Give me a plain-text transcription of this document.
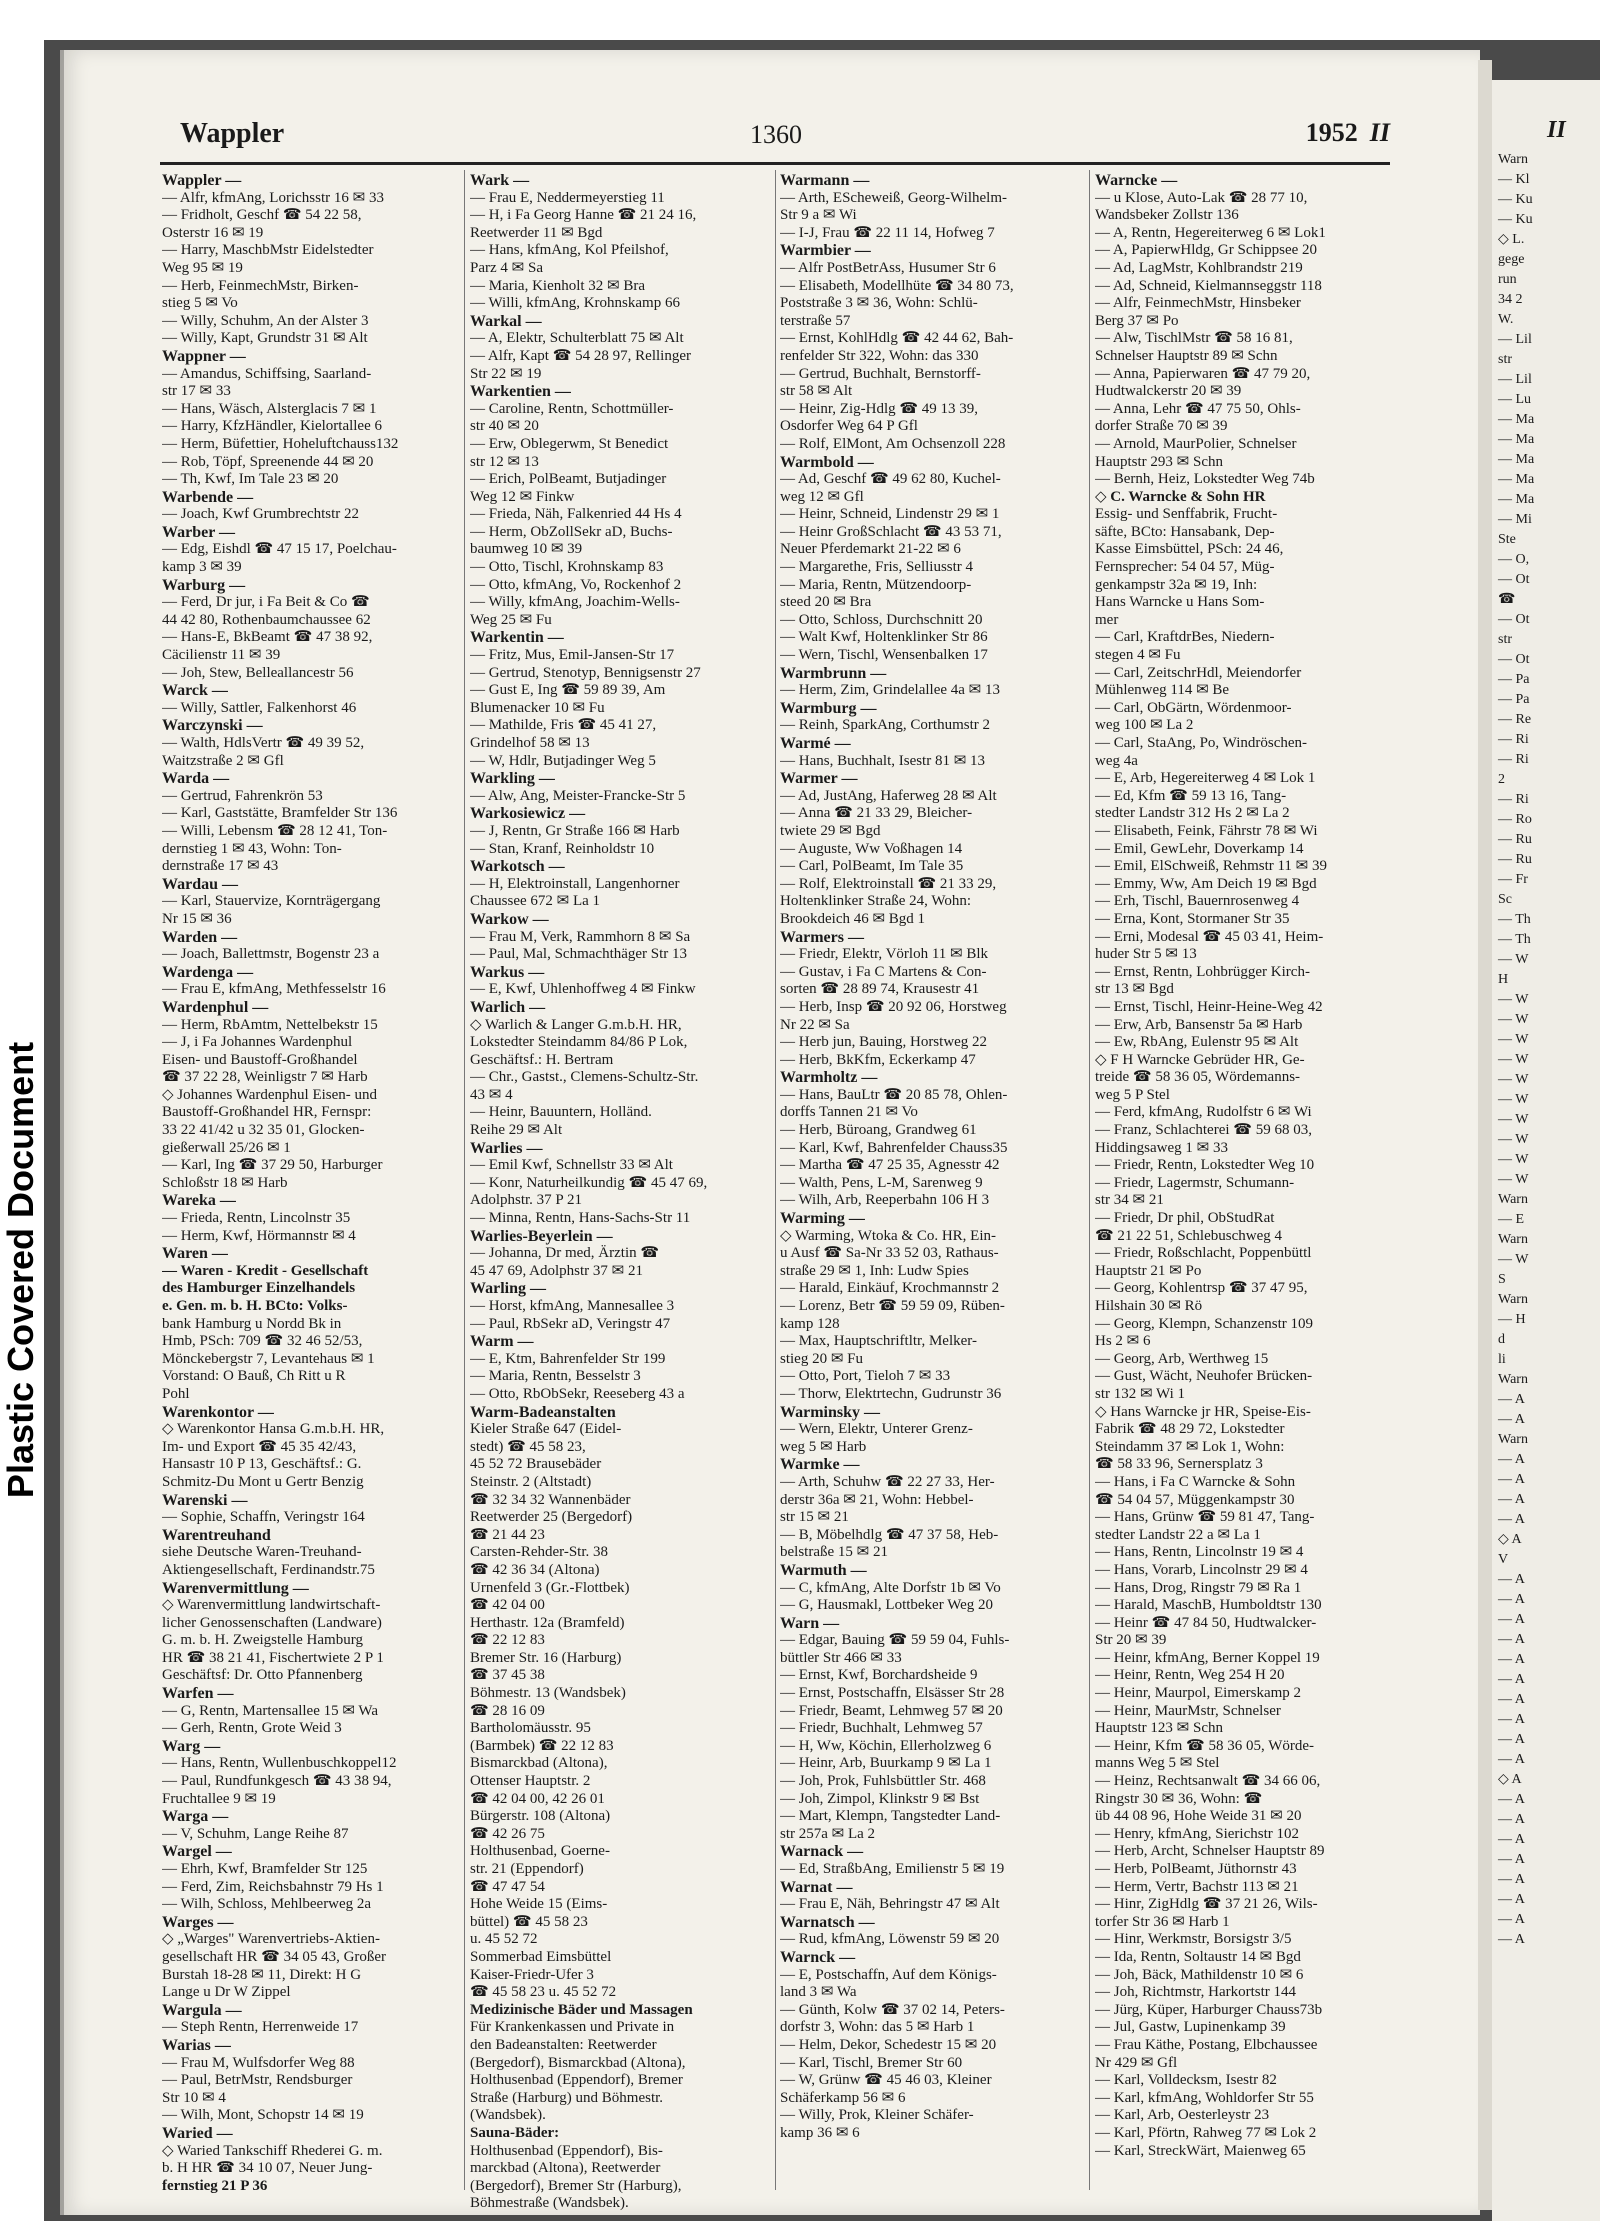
Plastic Covered Document
II
Warn
— Kl
— Ku
— Ku
◇ L.
gege
run
34 2
W.
— Lil
str
— Lil
— Lu
— Ma
— Ma
— Ma
— Ma
— Ma
— Mi
Ste
— O,
— Ot
☎
— Ot
str
— Ot
— Pa
— Pa
— Re
— Ri
— Ri
2
— Ri
— Ro
— Ru
— Ru
— Fr
Sc
— Th
— Th
— W
H
— W
— W
— W
— W
— W
— W
— W
— W
— W
— W
Warn
— E
Warn
— W
S
Warn
— H
d
li
Warn
— A
— A
Warn
— A
— A
— A
— A
◇ A
V
— A
— A
— A
— A
— A
— A
— A
— A
— A
— A
◇ A
— A
— A
— A
— A
— A
— A
— A
— A
Wappler	1360	1952 II
Wappler —
— Alfr, kfmAng, Lorichsstr 16 ✉ 33
— Fridholt, Geschf ☎ 54 22 58,
Osterstr 16 ✉ 19
— Harry, MaschbMstr Eidelstedter
Weg 95 ✉ 19
— Herb, FeinmechMstr, Birken-
stieg 5 ✉ Vo
— Willy, Schuhm, An der Alster 3
— Willy, Kapt, Grundstr 31 ✉ Alt
Wappner —
— Amandus, Schiffsing, Saarland-
str 17 ✉ 33
— Hans, Wäsch, Alsterglacis 7 ✉ 1
— Harry, KfzHändler, Kielortallee 6
— Herm, Büfettier, Hoheluftchauss132
— Rob, Töpf, Spreenende 44 ✉ 20
— Th, Kwf, Im Tale 23 ✉ 20
Warbende —
— Joach, Kwf Grumbrechtstr 22
Warber —
— Edg, Eishdl ☎ 47 15 17, Poelchau-
kamp 3 ✉ 39
Warburg —
— Ferd, Dr jur, i Fa Beit & Co ☎
44 42 80, Rothenbaumchaussee 62
— Hans-E, BkBeamt ☎ 47 38 92,
Cäcilienstr 11 ✉ 39
— Joh, Stew, Belleallancestr 56
Warck —
— Willy, Sattler, Falkenhorst 46
Warczynski —
— Walth, HdlsVertr ☎ 49 39 52,
Waitzstraße 2 ✉ Gfl
Warda —
— Gertrud, Fahrenkrön 53
— Karl, Gaststätte, Bramfelder Str 136
— Willi, Lebensm ☎ 28 12 41, Ton-
dernstieg 1 ✉ 43, Wohn: Ton-
dernstraße 17 ✉ 43
Wardau —
— Karl, Stauervize, Kornträgergang
Nr 15 ✉ 36
Warden —
— Joach, Ballettmstr, Bogenstr 23 a
Wardenga —
— Frau E, kfmAng, Methfesselstr 16
Wardenphul —
— Herm, RbAmtm, Nettelbekstr 15
— J, i Fa Johannes Wardenphul
Eisen- und Baustoff-Großhandel
☎ 37 22 28, Weinligstr 7 ✉ Harb
◇ Johannes Wardenphul Eisen- und
Baustoff-Großhandel HR, Fernspr:
33 22 41/42 u 32 35 01, Glocken-
gießerwall 25/26 ✉ 1
— Karl, Ing ☎ 37 29 50, Harburger
Schloßstr 18 ✉ Harb
Wareka —
— Frieda, Rentn, Lincolnstr 35
— Herm, Kwf, Hörmannstr ✉ 4
Waren —
— Waren - Kredit - Gesellschaft
des Hamburger Einzelhandels
e. Gen. m. b. H. BCto: Volks-
bank Hamburg u Nordd Bk in
Hmb, PSch: 709 ☎ 32 46 52/53,
Mönckebergstr 7, Levantehaus ✉ 1
Vorstand: O Bauß, Ch Ritt u R
Pohl
Warenkontor —
◇ Warenkontor Hansa G.m.b.H. HR,
Im- und Export ☎ 45 35 42/43,
Hansastr 10 P 13, Geschäftsf.: G.
Schmitz-Du Mont u Gertr Benzig
Warenski —
— Sophie, Schaffn, Veringstr 164
Warentreuhand
siehe Deutsche Waren-Treuhand-
Aktiengesellschaft, Ferdinandstr.75
Warenvermittlung —
◇ Warenvermittlung landwirtschaft-
licher Genossenschaften (Landware)
G. m. b. H. Zweigstelle Hamburg
HR ☎ 38 21 41, Fischertwiete 2 P 1
Geschäftsf: Dr. Otto Pfannenberg
Warfen —
— G, Rentn, Martensallee 15 ✉ Wa
— Gerh, Rentn, Grote Weid 3
Warg —
— Hans, Rentn, Wullenbuschkoppel12
— Paul, Rundfunkgesch ☎ 43 38 94,
Fruchtallee 9 ✉ 19
Warga —
— V, Schuhm, Lange Reihe 87
Wargel —
— Ehrh, Kwf, Bramfelder Str 125
— Ferd, Zim, Reichsbahnstr 79 Hs 1
— Wilh, Schloss, Mehlbeerweg 2a
Warges —
◇ „Warges" Warenvertriebs-Aktien-
gesellschaft HR ☎ 34 05 43, Großer
Burstah 18-28 ✉ 11, Direkt: H G
Lange u Dr W Zippel
Wargula —
— Steph Rentn, Herrenweide 17
Warias —
— Frau M, Wulfsdorfer Weg 88
— Paul, BetrMstr, Rendsburger
Str 10 ✉ 4
— Wilh, Mont, Schopstr 14 ✉ 19
Waried —
◇ Waried Tankschiff Rhederei G. m.
b. H HR ☎ 34 10 07, Neuer Jung-
fernstieg 21 P 36
Wark —
— Frau E, Neddermeyerstieg 11
— H, i Fa Georg Hanne ☎ 21 24 16,
Reetwerder 11 ✉ Bgd
— Hans, kfmAng, Kol Pfeilshof,
Parz 4 ✉ Sa
— Maria, Kienholt 32 ✉ Bra
— Willi, kfmAng, Krohnskamp 66
Warkal —
— A, Elektr, Schulterblatt 75 ✉ Alt
— Alfr, Kapt ☎ 54 28 97, Rellinger
Str 22 ✉ 19
Warkentien —
— Caroline, Rentn, Schottmüller-
str 40 ✉ 20
— Erw, Oblegerwm, St Benedict
str 12 ✉ 13
— Erich, PolBeamt, Butjadinger
Weg 12 ✉ Finkw
— Frieda, Näh, Falkenried 44 Hs 4
— Herm, ObZollSekr aD, Buchs-
baumweg 10 ✉ 39
— Otto, Tischl, Krohnskamp 83
— Otto, kfmAng, Vo, Rockenhof 2
— Willy, kfmAng, Joachim-Wells-
Weg 25 ✉ Fu
Warkentin —
— Fritz, Mus, Emil-Jansen-Str 17
— Gertrud, Stenotyp, Bennigsenstr 27
— Gust E, Ing ☎ 59 89 39, Am
Blumenacker 10 ✉ Fu
— Mathilde, Fris ☎ 45 41 27,
Grindelhof 58 ✉ 13
— W, Hdlr, Butjadinger Weg 5
Warkling —
— Alw, Ang, Meister-Francke-Str 5
Warkosiewicz —
— J, Rentn, Gr Straße 166 ✉ Harb
— Stan, Kranf, Reinholdstr 10
Warkotsch —
— H, Elektroinstall, Langenhorner
Chaussee 672 ✉ La 1
Warkow —
— Frau M, Verk, Rammhorn 8 ✉ Sa
— Paul, Mal, Schmachthäger Str 13
Warkus —
— E, Kwf, Uhlenhoffweg 4 ✉ Finkw
Warlich —
◇ Warlich & Langer G.m.b.H. HR,
Lokstedter Steindamm 84/86 P Lok,
Geschäftsf.: H. Bertram
— Chr., Gastst., Clemens-Schultz-Str.
43 ✉ 4
— Heinr, Bauuntern, Holländ.
Reihe 29 ✉ Alt
Warlies —
— Emil Kwf, Schnellstr 33 ✉ Alt
— Konr, Naturheilkundig ☎ 45 47 69,
Adolphstr. 37 P 21
— Minna, Rentn, Hans-Sachs-Str 11
Warlies-Beyerlein —
— Johanna, Dr med, Ärztin ☎
45 47 69, Adolphstr 37 ✉ 21
Warling —
— Horst, kfmAng, Mannesallee 3
— Paul, RbSekr aD, Veringstr 47
Warm —
— E, Ktm, Bahrenfelder Str 199
— Maria, Rentn, Besselstr 3
— Otto, RbObSekr, Reeseberg 43 a
Warm-Badeanstalten
Kieler Straße 647 (Eidel-
stedt) ☎ 45 58 23,
45 52 72 Brausebäder
Steinstr. 2 (Altstadt)
☎ 32 34 32 Wannenbäder
Reetwerder 25 (Bergedorf)
☎ 21 44 23
Carsten-Rehder-Str. 38
☎ 42 36 34 (Altona)
Urnenfeld 3 (Gr.-Flottbek)
☎ 42 04 00
Herthastr. 12a (Bramfeld)
☎ 22 12 83
Bremer Str. 16 (Harburg)
☎ 37 45 38
Böhmestr. 13 (Wandsbek)
☎ 28 16 09
Bartholomäusstr. 95
(Barmbek) ☎ 22 12 83
Bismarckbad (Altona),
Ottenser Hauptstr. 2
☎ 42 04 00, 42 26 01
Bürgerstr. 108 (Altona)
☎ 42 26 75
Holthusenbad, Goerne-
str. 21 (Eppendorf)
☎ 47 47 54
Hohe Weide 15 (Eims-
büttel) ☎ 45 58 23
u. 45 52 72
Sommerbad Eimsbüttel
Kaiser-Friedr-Ufer 3
☎ 45 58 23 u. 45 52 72
Medizinische Bäder und Massagen
Für Krankenkassen und Private in
den Badeanstalten: Reetwerder
(Bergedorf), Bismarckbad (Altona),
Holthusenbad (Eppendorf), Bremer
Straße (Harburg) und Böhmestr.
(Wandsbek).
Sauna-Bäder:
Holthusenbad (Eppendorf), Bis-
marckbad (Altona), Reetwerder
(Bergedorf), Bremer Str (Harburg),
Böhmestraße (Wandsbek).
Warmann —
— Arth, EScheweiß, Georg-Wilhelm-
Str 9 a ✉ Wi
— I-J, Frau ☎ 22 11 14, Hofweg 7
Warmbier —
— Alfr PostBetrAss, Husumer Str 6
— Elisabeth, Modellhüte ☎ 34 80 73,
Poststraße 3 ✉ 36, Wohn: Schlü-
terstraße 57
— Ernst, KohlHdlg ☎ 42 44 62, Bah-
renfelder Str 322, Wohn: das 330
— Gertrud, Buchhalt, Bernstorff-
str 58 ✉ Alt
— Heinr, Zig-Hdlg ☎ 49 13 39,
Osdorfer Weg 64 P Gfl
— Rolf, ElMont, Am Ochsenzoll 228
Warmbold —
— Ad, Geschf ☎ 49 62 80, Kuchel-
weg 12 ✉ Gfl
— Heinr, Schneid, Lindenstr 29 ✉ 1
— Heinr GroßSchlacht ☎ 43 53 71,
Neuer Pferdemarkt 21-22 ✉ 6
— Margarethe, Fris, Selliusstr 4
— Maria, Rentn, Mützendoorp-
steed 20 ✉ Bra
— Otto, Schloss, Durchschnitt 20
— Walt Kwf, Holtenklinker Str 86
— Wern, Tischl, Wensenbalken 17
Warmbrunn —
— Herm, Zim, Grindelallee 4a ✉ 13
Warmburg —
— Reinh, SparkAng, Corthumstr 2
Warmé —
— Hans, Buchhalt, Isestr 81 ✉ 13
Warmer —
— Ad, JustAng, Haferweg 28 ✉ Alt
— Anna ☎ 21 33 29, Bleicher-
twiete 29 ✉ Bgd
— Auguste, Ww Voßhagen 14
— Carl, PolBeamt, Im Tale 35
— Rolf, Elektroinstall ☎ 21 33 29,
Holtenklinker Straße 24, Wohn:
Brookdeich 46 ✉ Bgd 1
Warmers —
— Friedr, Elektr, Vörloh 11 ✉ Blk
— Gustav, i Fa C Martens & Con-
sorten ☎ 28 89 74, Krausestr 41
— Herb, Insp ☎ 20 92 06, Horstweg
Nr 22 ✉ Sa
— Herb jun, Bauing, Horstweg 22
— Herb, BkKfm, Eckerkamp 47
Warmholtz —
— Hans, BauLtr ☎ 20 85 78, Ohlen-
dorffs Tannen 21 ✉ Vo
— Herb, Büroang, Grandweg 61
— Karl, Kwf, Bahrenfelder Chauss35
— Martha ☎ 47 25 35, Agnesstr 42
— Walth, Pens, L-M, Sarenweg 9
— Wilh, Arb, Reeperbahn 106 H 3
Warming —
◇ Warming, Wtoka & Co. HR, Ein-
u Ausf ☎ Sa-Nr 33 52 03, Rathaus-
straße 29 ✉ 1, Inh: Ludw Spies
— Harald, Einkäuf, Krochmannstr 2
— Lorenz, Betr ☎ 59 59 09, Rüben-
kamp 128
— Max, Hauptschriftltr, Melker-
stieg 20 ✉ Fu
— Otto, Port, Tieloh 7 ✉ 33
— Thorw, Elektrtechn, Gudrunstr 36
Warminsky —
— Wern, Elektr, Unterer Grenz-
weg 5 ✉ Harb
Warmke —
— Arth, Schuhw ☎ 22 27 33, Her-
derstr 36a ✉ 21, Wohn: Hebbel-
str 15 ✉ 21
— B, Möbelhdlg ☎ 47 37 58, Heb-
belstraße 15 ✉ 21
Warmuth —
— C, kfmAng, Alte Dorfstr 1b ✉ Vo
— G, Hausmakl, Lottbeker Weg 20
Warn —
— Edgar, Bauing ☎ 59 59 04, Fuhls-
büttler Str 466 ✉ 33
— Ernst, Kwf, Borchardsheide 9
— Ernst, Postschaffn, Elsässer Str 28
— Friedr, Beamt, Lehmweg 57 ✉ 20
— Friedr, Buchhalt, Lehmweg 57
— H, Ww, Köchin, Ellerholzweg 6
— Heinr, Arb, Buurkamp 9 ✉ La 1
— Joh, Prok, Fuhlsbüttler Str. 468
— Joh, Zimpol, Klinkstr 9 ✉ Bst
— Mart, Klempn, Tangstedter Land-
str 257a ✉ La 2
Warnack —
— Ed, StraßbAng, Emilienstr 5 ✉ 19
Warnat —
— Frau E, Näh, Behringstr 47 ✉ Alt
Warnatsch —
— Rud, kfmAng, Löwenstr 59 ✉ 20
Warnck —
— E, Postschaffn, Auf dem Königs-
land 3 ✉ Wa
— Günth, Kolw ☎ 37 02 14, Peters-
dorfstr 3, Wohn: das 5 ✉ Harb 1
— Helm, Dekor, Schedestr 15 ✉ 20
— Karl, Tischl, Bremer Str 60
— W, Grünw ☎ 45 46 03, Kleiner
Schäferkamp 56 ✉ 6
— Willy, Prok, Kleiner Schäfer-
kamp 36 ✉ 6
Warncke —
— u Klose, Auto-Lak ☎ 28 77 10,
Wandsbeker Zollstr 136
— A, Rentn, Hegereiterweg 6 ✉ Lok1
— A, PapierwHldg, Gr Schippsee 20
— Ad, LagMstr, Kohlbrandstr 219
— Ad, Schneid, Kielmannseggstr 118
— Alfr, FeinmechMstr, Hinsbeker
Berg 37 ✉ Po
— Alw, TischlMstr ☎ 58 16 81,
Schnelser Hauptstr 89 ✉ Schn
— Anna, Papierwaren ☎ 47 79 20,
Hudtwalckerstr 20 ✉ 39
— Anna, Lehr ☎ 47 75 50, Ohls-
dorfer Straße 70 ✉ 39
— Arnold, MaurPolier, Schnelser
Hauptstr 293 ✉ Schn
— Bernh, Heiz, Lokstedter Weg 74b
◇ C. Warncke & Sohn HR
Essig- und Senffabrik, Frucht-
säfte, BCto: Hansabank, Dep-
Kasse Eimsbüttel, PSch: 24 46,
Fernsprecher: 54 04 57, Müg-
genkampstr 32a ✉ 19, Inh:
Hans Warncke u Hans Som-
mer
— Carl, KraftdrBes, Niedern-
stegen 4 ✉ Fu
— Carl, ZeitschrHdl, Meiendorfer
Mühlenweg 114 ✉ Be
— Carl, ObGärtn, Wördenmoor-
weg 100 ✉ La 2
— Carl, StaAng, Po, Windröschen-
weg 4a
— E, Arb, Hegereiterweg 4 ✉ Lok 1
— Ed, Kfm ☎ 59 13 16, Tang-
stedter Landstr 312 Hs 2 ✉ La 2
— Elisabeth, Feink, Fährstr 78 ✉ Wi
— Emil, GewLehr, Doverkamp 14
— Emil, ElSchweiß, Rehmstr 11 ✉ 39
— Emmy, Ww, Am Deich 19 ✉ Bgd
— Erh, Tischl, Bauernrosenweg 4
— Erna, Kont, Stormaner Str 35
— Erni, Modesal ☎ 45 03 41, Heim-
huder Str 5 ✉ 13
— Ernst, Rentn, Lohbrügger Kirch-
str 13 ✉ Bgd
— Ernst, Tischl, Heinr-Heine-Weg 42
— Erw, Arb, Bansenstr 5a ✉ Harb
— Ew, RbAng, Eulenstr 95 ✉ Alt
◇ F H Warncke Gebrüder HR, Ge-
treide ☎ 58 36 05, Wördemanns-
weg 5 P Stel
— Ferd, kfmAng, Rudolfstr 6 ✉ Wi
— Franz, Schlachterei ☎ 59 68 03,
Hiddingsaweg 1 ✉ 33
— Friedr, Rentn, Lokstedter Weg 10
— Friedr, Lagermstr, Schumann-
str 34 ✉ 21
— Friedr, Dr phil, ObStudRat
☎ 21 22 51, Schlebuschweg 4
— Friedr, Roßschlacht, Poppenbüttl
Hauptstr 21 ✉ Po
— Georg, Kohlentrsp ☎ 37 47 95,
Hilshain 30 ✉ Rö
— Georg, Klempn, Schanzenstr 109
Hs 2 ✉ 6
— Georg, Arb, Werthweg 15
— Gust, Wächt, Neuhofer Brücken-
str 132 ✉ Wi 1
◇ Hans Warncke jr HR, Speise-Eis-
Fabrik ☎ 48 29 72, Lokstedter
Steindamm 37 ✉ Lok 1, Wohn:
☎ 58 33 96, Sernersplatz 3
— Hans, i Fa C Warncke & Sohn
☎ 54 04 57, Müggenkampstr 30
— Hans, Grünw ☎ 59 81 47, Tang-
stedter Landstr 22 a ✉ La 1
— Hans, Rentn, Lincolnstr 19 ✉ 4
— Hans, Vorarb, Lincolnstr 29 ✉ 4
— Hans, Drog, Ringstr 79 ✉ Ra 1
— Harald, MaschB, Humboldtstr 130
— Heinr ☎ 47 84 50, Hudtwalcker-
Str 20 ✉ 39
— Heinr, kfmAng, Berner Koppel 19
— Heinr, Rentn, Weg 254 H 20
— Heinr, Maurpol, Eimerskamp 2
— Heinr, MaurMstr, Schnelser
Hauptstr 123 ✉ Schn
— Heinr, Kfm ☎ 58 36 05, Wörde-
manns Weg 5 ✉ Stel
— Heinz, Rechtsanwalt ☎ 34 66 06,
Ringstr 30 ✉ 36, Wohn: ☎
üb 44 08 96, Hohe Weide 31 ✉ 20
— Henry, kfmAng, Sierichstr 102
— Herb, Archt, Schnelser Hauptstr 89
— Herb, PolBeamt, Jüthornstr 43
— Herm, Vertr, Bachstr 113 ✉ 21
— Hinr, ZigHdlg ☎ 37 21 26, Wils-
torfer Str 36 ✉ Harb 1
— Hinr, Werkmstr, Borsigstr 3/5
— Ida, Rentn, Soltaustr 14 ✉ Bgd
— Joh, Bäck, Mathildenstr 10 ✉ 6
— Joh, Richtmstr, Harkortstr 144
— Jürg, Küper, Harburger Chauss73b
— Jul, Gastw, Lupinenkamp 39
— Frau Käthe, Postang, Elbchaussee
Nr 429 ✉ Gfl
— Karl, Volldecksm, Isestr 82
— Karl, kfmAng, Wohldorfer Str 55
— Karl, Arb, Oesterleystr 23
— Karl, Pförtn, Rahweg 77 ✉ Lok 2
— Karl, StreckWärt, Maienweg 65
